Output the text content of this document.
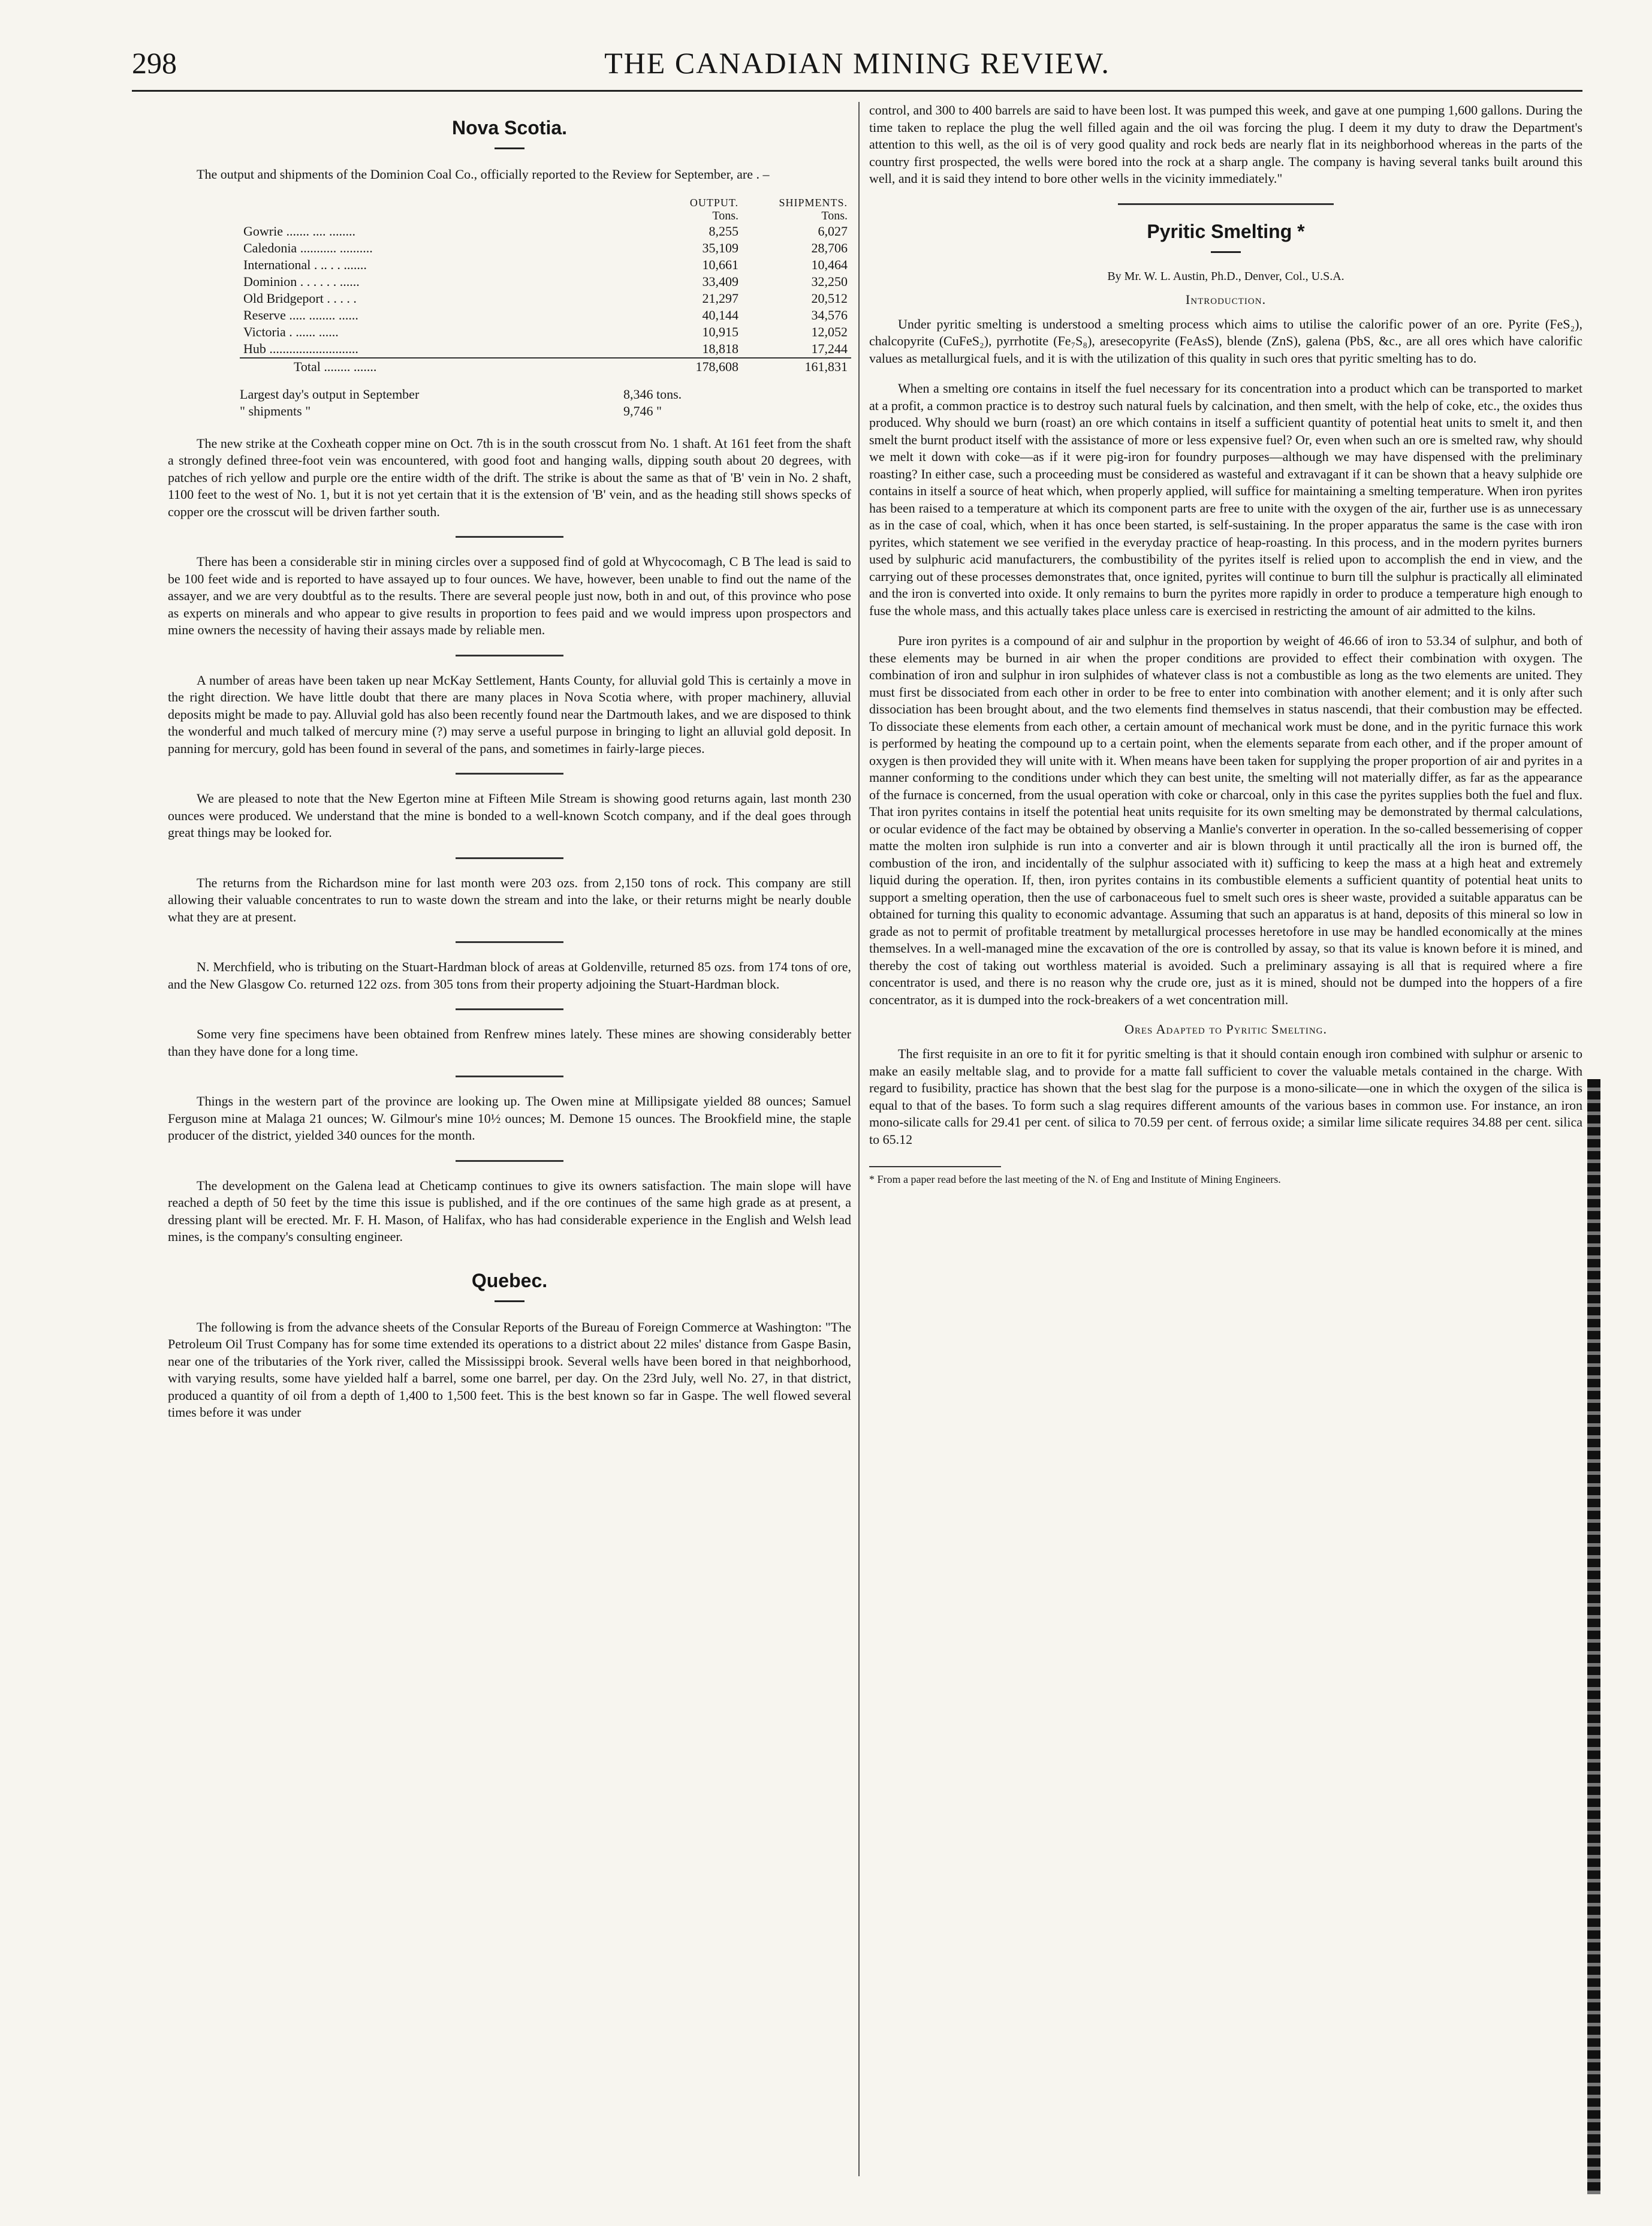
298	THE CANADIAN MINING REVIEW.
Nova Scotia.

The output and shipments of the Dominion Coal Co., officially reported to the Review for September, are . –

	OUTPUT.	SHIPMENTS.
	Tons.	Tons.
Gowrie ....... .... ........	8,255	6,027
Caledonia ........... ..........	35,109	28,706
International . .. . . .......	10,661	10,464
Dominion . . . . . . ......	33,409	32,250
Old Bridgeport . . . . .	21,297	20,512
Reserve ..... ........ ......	40,144	34,576
Victoria . ...... ......	10,915	12,052
Hub ...........................	18,818	17,244
Total ........ .......	178,608	161,831
Largest day's output in September	8,346 tons.
" shipments "	9,746 "

The new strike at the Coxheath copper mine on Oct. 7th is in the south crosscut from No. 1 shaft. At 161 feet from the shaft a strongly defined three-foot vein was encountered, with good foot and hanging walls, dipping south about 20 degrees, with patches of rich yellow and purple ore the entire width of the drift. The strike is about the same as that of 'B' vein in No. 2 shaft, 1100 feet to the west of No. 1, but it is not yet certain that it is the extension of 'B' vein, and as the heading still shows specks of copper ore the crosscut will be driven farther south.

There has been a considerable stir in mining circles over a supposed find of gold at Whycocomagh, C B The lead is said to be 100 feet wide and is reported to have assayed up to four ounces. We have, however, been unable to find out the name of the assayer, and we are very doubtful as to the results. There are several people just now, both in and out, of this province who pose as experts on minerals and who appear to give results in proportion to fees paid and we would impress upon prospectors and mine owners the necessity of having their assays made by reliable men.

A number of areas have been taken up near McKay Settlement, Hants County, for alluvial gold This is certainly a move in the right direction. We have little doubt that there are many places in Nova Scotia where, with proper machinery, alluvial deposits might be made to pay. Alluvial gold has also been recently found near the Dartmouth lakes, and we are disposed to think the wonderful and much talked of mercury mine (?) may serve a useful purpose in bringing to light an alluvial gold deposit. In panning for mercury, gold has been found in several of the pans, and sometimes in fairly-large pieces.

We are pleased to note that the New Egerton mine at Fifteen Mile Stream is showing good returns again, last month 230 ounces were produced. We understand that the mine is bonded to a well-known Scotch company, and if the deal goes through great things may be looked for.

The returns from the Richardson mine for last month were 203 ozs. from 2,150 tons of rock. This company are still allowing their valuable concentrates to run to waste down the stream and into the lake, or their returns might be nearly double what they are at present.

N. Merchfield, who is tributing on the Stuart-Hardman block of areas at Goldenville, returned 85 ozs. from 174 tons of ore, and the New Glasgow Co. returned 122 ozs. from 305 tons from their property adjoining the Stuart-Hardman block.

Some very fine specimens have been obtained from Renfrew mines lately. These mines are showing considerably better than they have done for a long time.

Things in the western part of the province are looking up. The Owen mine at Millipsigate yielded 88 ounces; Samuel Ferguson mine at Malaga 21 ounces; W. Gilmour's mine 10½ ounces; M. Demone 15 ounces. The Brookfield mine, the staple producer of the district, yielded 340 ounces for the month.

The development on the Galena lead at Cheticamp continues to give its owners satisfaction. The main slope will have reached a depth of 50 feet by the time this issue is published, and if the ore continues of the same high grade as at present, a dressing plant will be erected. Mr. F. H. Mason, of Halifax, who has had considerable experience in the English and Welsh lead mines, is the company's consulting engineer.

Quebec.

The following is from the advance sheets of the Consular Reports of the Bureau of Foreign Commerce at Washington: "The Petroleum Oil Trust Company has for some time extended its operations to a district about 22 miles' distance from Gaspe Basin, near one of the tributaries of the York river, called the Mississippi brook. Several wells have been bored in that neighborhood, with varying results, some have yielded half a barrel, some one barrel, per day. On the 23rd July, well No. 27, in that district, produced a quantity of oil from a depth of 1,400 to 1,500 feet. This is the best known so far in Gaspe. The well flowed several times before it was under

control, and 300 to 400 barrels are said to have been lost. It was pumped this week, and gave at one pumping 1,600 gallons. During the time taken to replace the plug the well filled again and the oil was forcing the plug. I deem it my duty to draw the Department's attention to this well, as the oil is of very good quality and rock beds are nearly flat in its neighborhood whereas in the parts of the country first prospected, the wells were bored into the rock at a sharp angle. The company is having several tanks built around this well, and it is said they intend to bore other wells in the vicinity immediately."

Pyritic Smelting *
By Mr. W. L. Austin, Ph.D., Denver, Col., U.S.A.
Introduction.

Under pyritic smelting is understood a smelting process which aims to utilise the calorific power of an ore. Pyrite (FeS₂), chalcopyrite (CuFeS₂), pyrrhotite (Fe₇S₈), aresecopyrite (FeAsS), blende (ZnS), galena (PbS, &c., are all ores which have calorific values as metallurgical fuels, and it is with the utilization of this quality in such ores that pyritic smelting has to do.

When a smelting ore contains in itself the fuel necessary for its concentration into a product which can be transported to market at a profit, a common practice is to destroy such natural fuels by calcination, and then smelt, with the help of coke, etc., the oxides thus produced. Why should we burn (roast) an ore which contains in itself a sufficient quantity of potential heat units to smelt it, and then smelt the burnt product itself with the assistance of more or less expensive fuel? Or, even when such an ore is smelted raw, why should we melt it down with coke—as if it were pig-iron for foundry purposes—although we may have dispensed with the preliminary roasting? In either case, such a proceeding must be considered as wasteful and extravagant if it can be shown that a heavy sulphide ore contains in itself a source of heat which, when properly applied, will suffice for maintaining a smelting temperature. When iron pyrites has been raised to a temperature at which its component parts are free to unite with the oxygen of the air, further use is as unnecessary as in the case of coal, which, when it has once been started, is self-sustaining. In the proper apparatus the same is the case with iron pyrites, which statement we see verified in the everyday practice of heap-roasting. In this process, and in the modern pyrites burners used by sulphuric acid manufacturers, the combustibility of the pyrites itself is relied upon to accomplish the end in view, and the carrying out of these processes demonstrates that, once ignited, pyrites will continue to burn till the sulphur is practically all eliminated and the iron is converted into oxide. It only remains to burn the pyrites more rapidly in order to produce a temperature high enough to fuse the whole mass, and this actually takes place unless care is exercised in restricting the amount of air admitted to the kilns.

Pure iron pyrites is a compound of air and sulphur in the proportion by weight of 46.66 of iron to 53.34 of sulphur, and both of these elements may be burned in air when the proper conditions are provided to effect their combination with oxygen. The combination of iron and sulphur in iron sulphides of whatever class is not a combustible as long as the two elements are united. They must first be dissociated from each other in order to be free to enter into combination with another element; and it is only after such dissociation has been brought about, and the two elements find themselves in status nascendi, that their combustion may be effected. To dissociate these elements from each other, a certain amount of mechanical work must be done, and in the pyritic furnace this work is performed by heating the compound up to a certain point, when the elements separate from each other, and if the proper amount of oxygen is then provided they will unite with it. When means have been taken for supplying the proper proportion of air and pyrites in a manner conforming to the conditions under which they can best unite, the smelting will not materially differ, as far as the appearance of the furnace is concerned, from the usual operation with coke or charcoal, only in this case the pyrites supplies both the fuel and flux. That iron pyrites contains in itself the potential heat units requisite for its own smelting may be demonstrated by thermal calculations, or ocular evidence of the fact may be obtained by observing a Manlie's converter in operation. In the so-called bessemerising of copper matte the molten iron sulphide is run into a converter and air is blown through it until practically all the iron is burned off, the combustion of the iron, and incidentally of the sulphur associated with it) sufficing to keep the mass at a high heat and extremely liquid during the operation. If, then, iron pyrites contains in its combustible elements a sufficient quantity of potential heat units to support a smelting operation, then the use of carbonaceous fuel to smelt such ores is sheer waste, provided a suitable apparatus can be obtained for turning this quality to economic advantage. Assuming that such an apparatus is at hand, deposits of this mineral so low in grade as not to permit of profitable treatment by metallurgical processes heretofore in use may be handled economically at the mines themselves. In a well-managed mine the excavation of the ore is controlled by assay, so that its value is known before it is mined, and thereby the cost of taking out worthless material is avoided. Such a preliminary assaying is all that is required where a fire concentrator is used, and there is no reason why the crude ore, just as it is mined, should not be dumped into the hoppers of a fire concentrator, as it is dumped into the rock-breakers of a wet concentration mill.

Ores Adapted to Pyritic Smelting.

The first requisite in an ore to fit it for pyritic smelting is that it should contain enough iron combined with sulphur or arsenic to make an easily meltable slag, and to provide for a matte fall sufficient to cover the valuable metals contained in the charge. With regard to fusibility, practice has shown that the best slag for the purpose is a mono-silicate—one in which the oxygen of the silica is equal to that of the bases. To form such a slag requires different amounts of the various bases in common use. For instance, an iron mono-silicate calls for 29.41 per cent. of silica to 70.59 per cent. of ferrous oxide; a similar lime silicate requires 34.88 per cent. silica to 65.12

* From a paper read before the last meeting of the N. of Eng and Institute of Mining Engineers.
